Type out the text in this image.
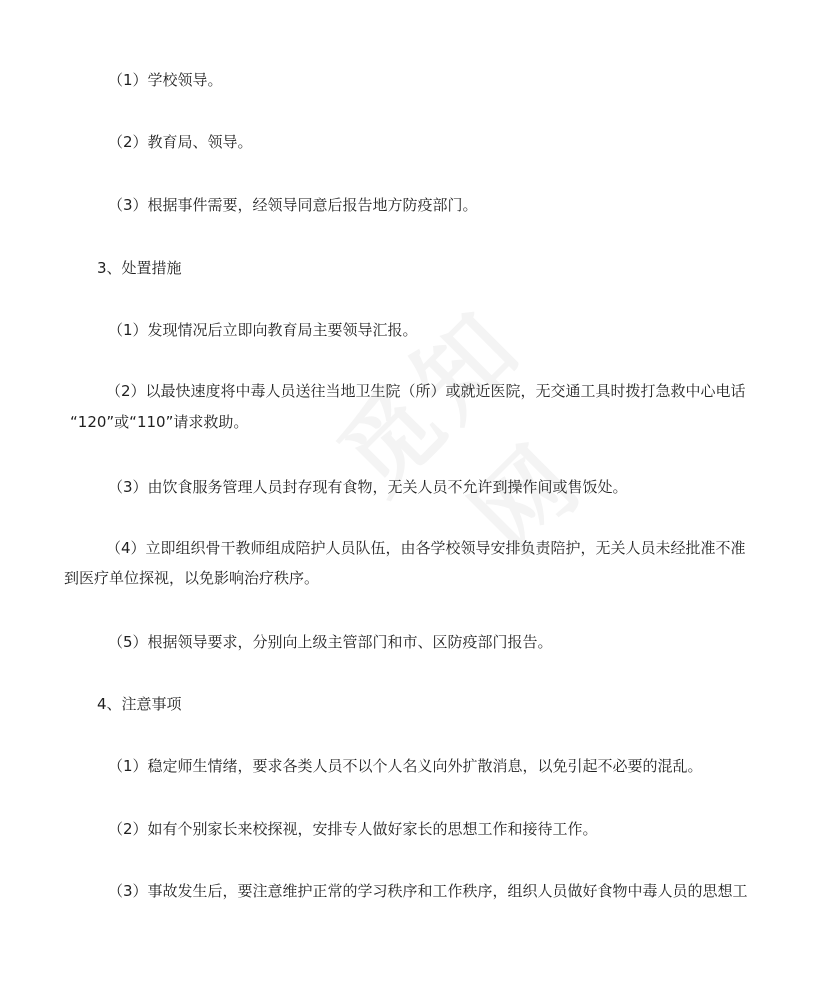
（1）学校领导。
（2）教育局、领导。
（3）根据事件需要，经领导同意后报告地方防疫部门。
3、处置措施
（1）发现情况后立即向教育局主要领导汇报。
（2）以最快速度将中毒人员送往当地卫生院（所）或就近医院，无交通工具时拨打急救中心电话
“120”或“110”请求救助。
（3）由饮食服务管理人员封存现有食物，无关人员不允许到操作间或售饭处。
（4）立即组织骨干教师组成陪护人员队伍，由各学校领导安排负责陪护，无关人员未经批准不准
到医疗单位探视，以免影响治疗秩序。
（5）根据领导要求，分别向上级主管部门和市、区防疫部门报告。
4、注意事项
（1）稳定师生情绪，要求各类人员不以个人名义向外扩散消息，以免引起不必要的混乱。
（2）如有个别家长来校探视，安排专人做好家长的思想工作和接待工作。
（3）事故发生后，要注意维护正常的学习秩序和工作秩序，组织人员做好食物中毒人员的思想工
